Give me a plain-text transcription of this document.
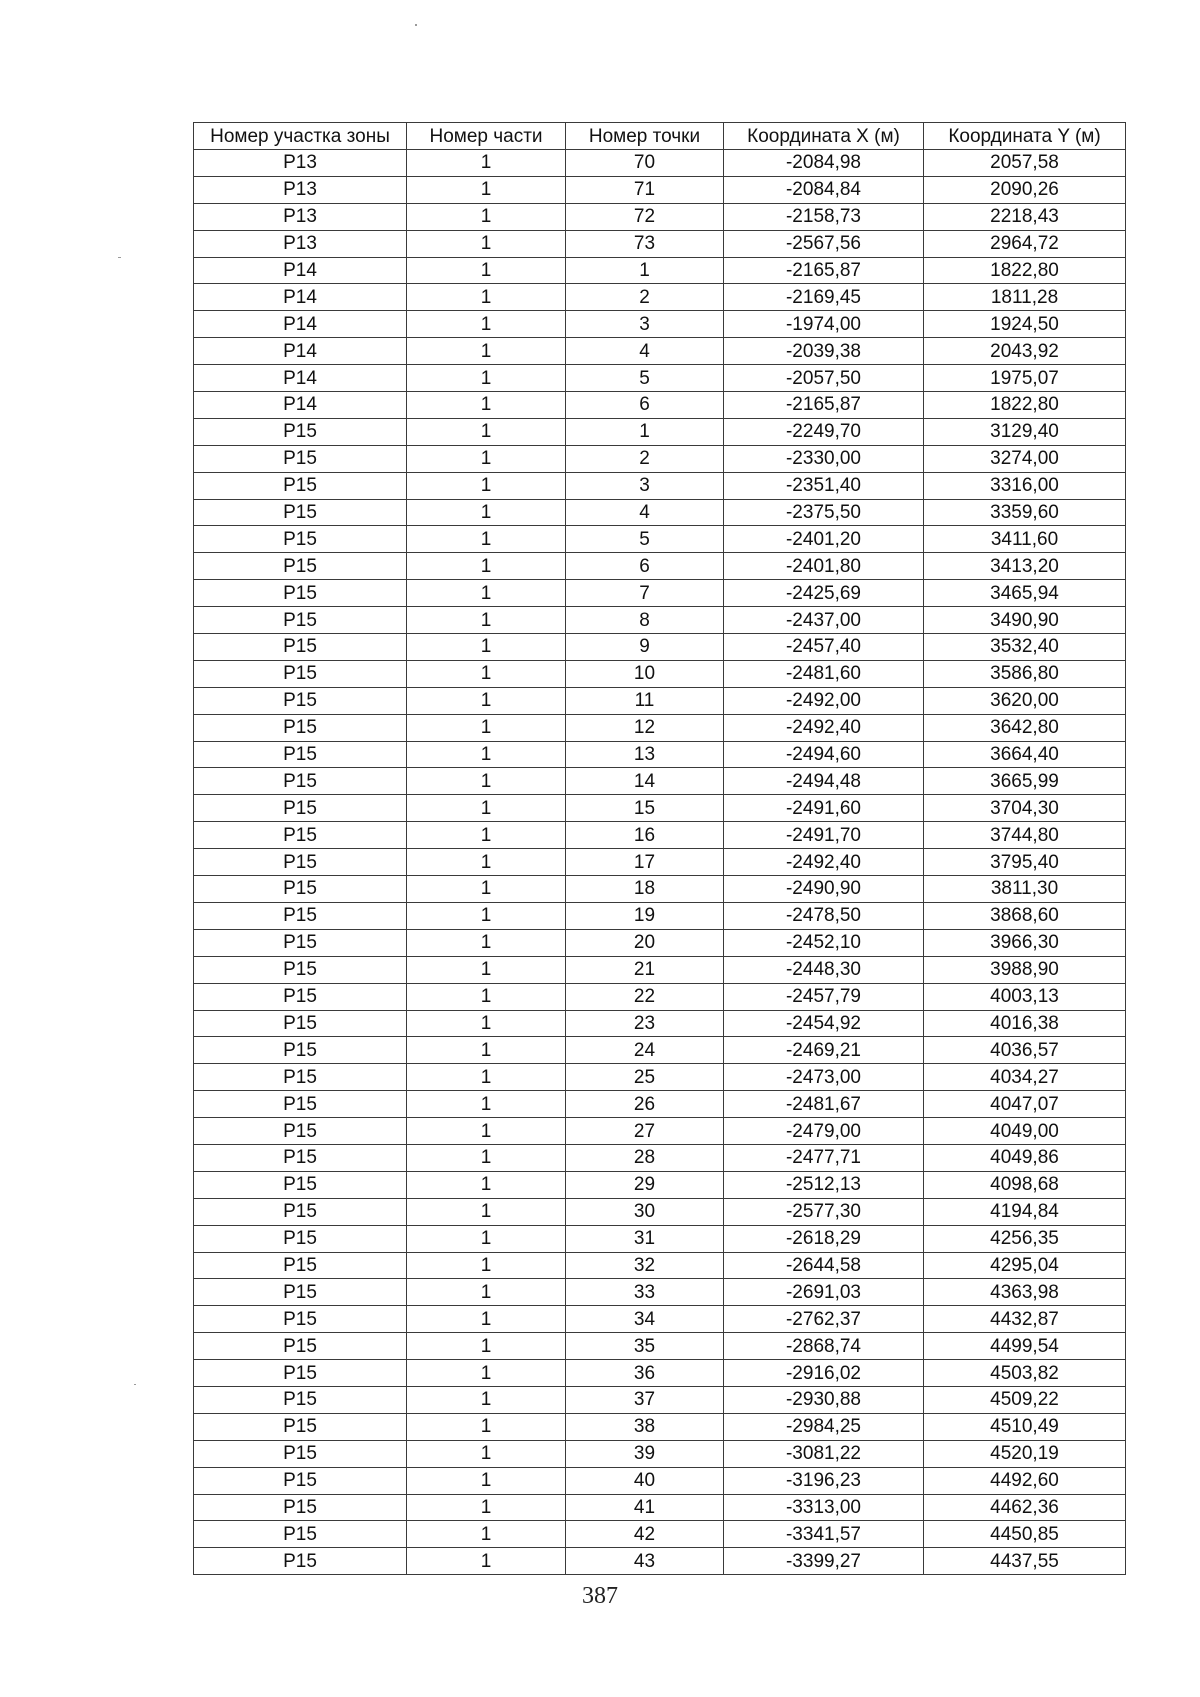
Номер участка зоны	Номер части	Номер точки	Координата X (м)	Координата Y (м)
Р13	1	70	-2084,98	2057,58
Р13	1	71	-2084,84	2090,26
Р13	1	72	-2158,73	2218,43
Р13	1	73	-2567,56	2964,72
Р14	1	1	-2165,87	1822,80
Р14	1	2	-2169,45	1811,28
Р14	1	3	-1974,00	1924,50
Р14	1	4	-2039,38	2043,92
Р14	1	5	-2057,50	1975,07
Р14	1	6	-2165,87	1822,80
Р15	1	1	-2249,70	3129,40
Р15	1	2	-2330,00	3274,00
Р15	1	3	-2351,40	3316,00
Р15	1	4	-2375,50	3359,60
Р15	1	5	-2401,20	3411,60
Р15	1	6	-2401,80	3413,20
Р15	1	7	-2425,69	3465,94
Р15	1	8	-2437,00	3490,90
Р15	1	9	-2457,40	3532,40
Р15	1	10	-2481,60	3586,80
Р15	1	11	-2492,00	3620,00
Р15	1	12	-2492,40	3642,80
Р15	1	13	-2494,60	3664,40
Р15	1	14	-2494,48	3665,99
Р15	1	15	-2491,60	3704,30
Р15	1	16	-2491,70	3744,80
Р15	1	17	-2492,40	3795,40
Р15	1	18	-2490,90	3811,30
Р15	1	19	-2478,50	3868,60
Р15	1	20	-2452,10	3966,30
Р15	1	21	-2448,30	3988,90
Р15	1	22	-2457,79	4003,13
Р15	1	23	-2454,92	4016,38
Р15	1	24	-2469,21	4036,57
Р15	1	25	-2473,00	4034,27
Р15	1	26	-2481,67	4047,07
Р15	1	27	-2479,00	4049,00
Р15	1	28	-2477,71	4049,86
Р15	1	29	-2512,13	4098,68
Р15	1	30	-2577,30	4194,84
Р15	1	31	-2618,29	4256,35
Р15	1	32	-2644,58	4295,04
Р15	1	33	-2691,03	4363,98
Р15	1	34	-2762,37	4432,87
Р15	1	35	-2868,74	4499,54
Р15	1	36	-2916,02	4503,82
Р15	1	37	-2930,88	4509,22
Р15	1	38	-2984,25	4510,49
Р15	1	39	-3081,22	4520,19
Р15	1	40	-3196,23	4492,60
Р15	1	41	-3313,00	4462,36
Р15	1	42	-3341,57	4450,85
Р15	1	43	-3399,27	4437,55
387
